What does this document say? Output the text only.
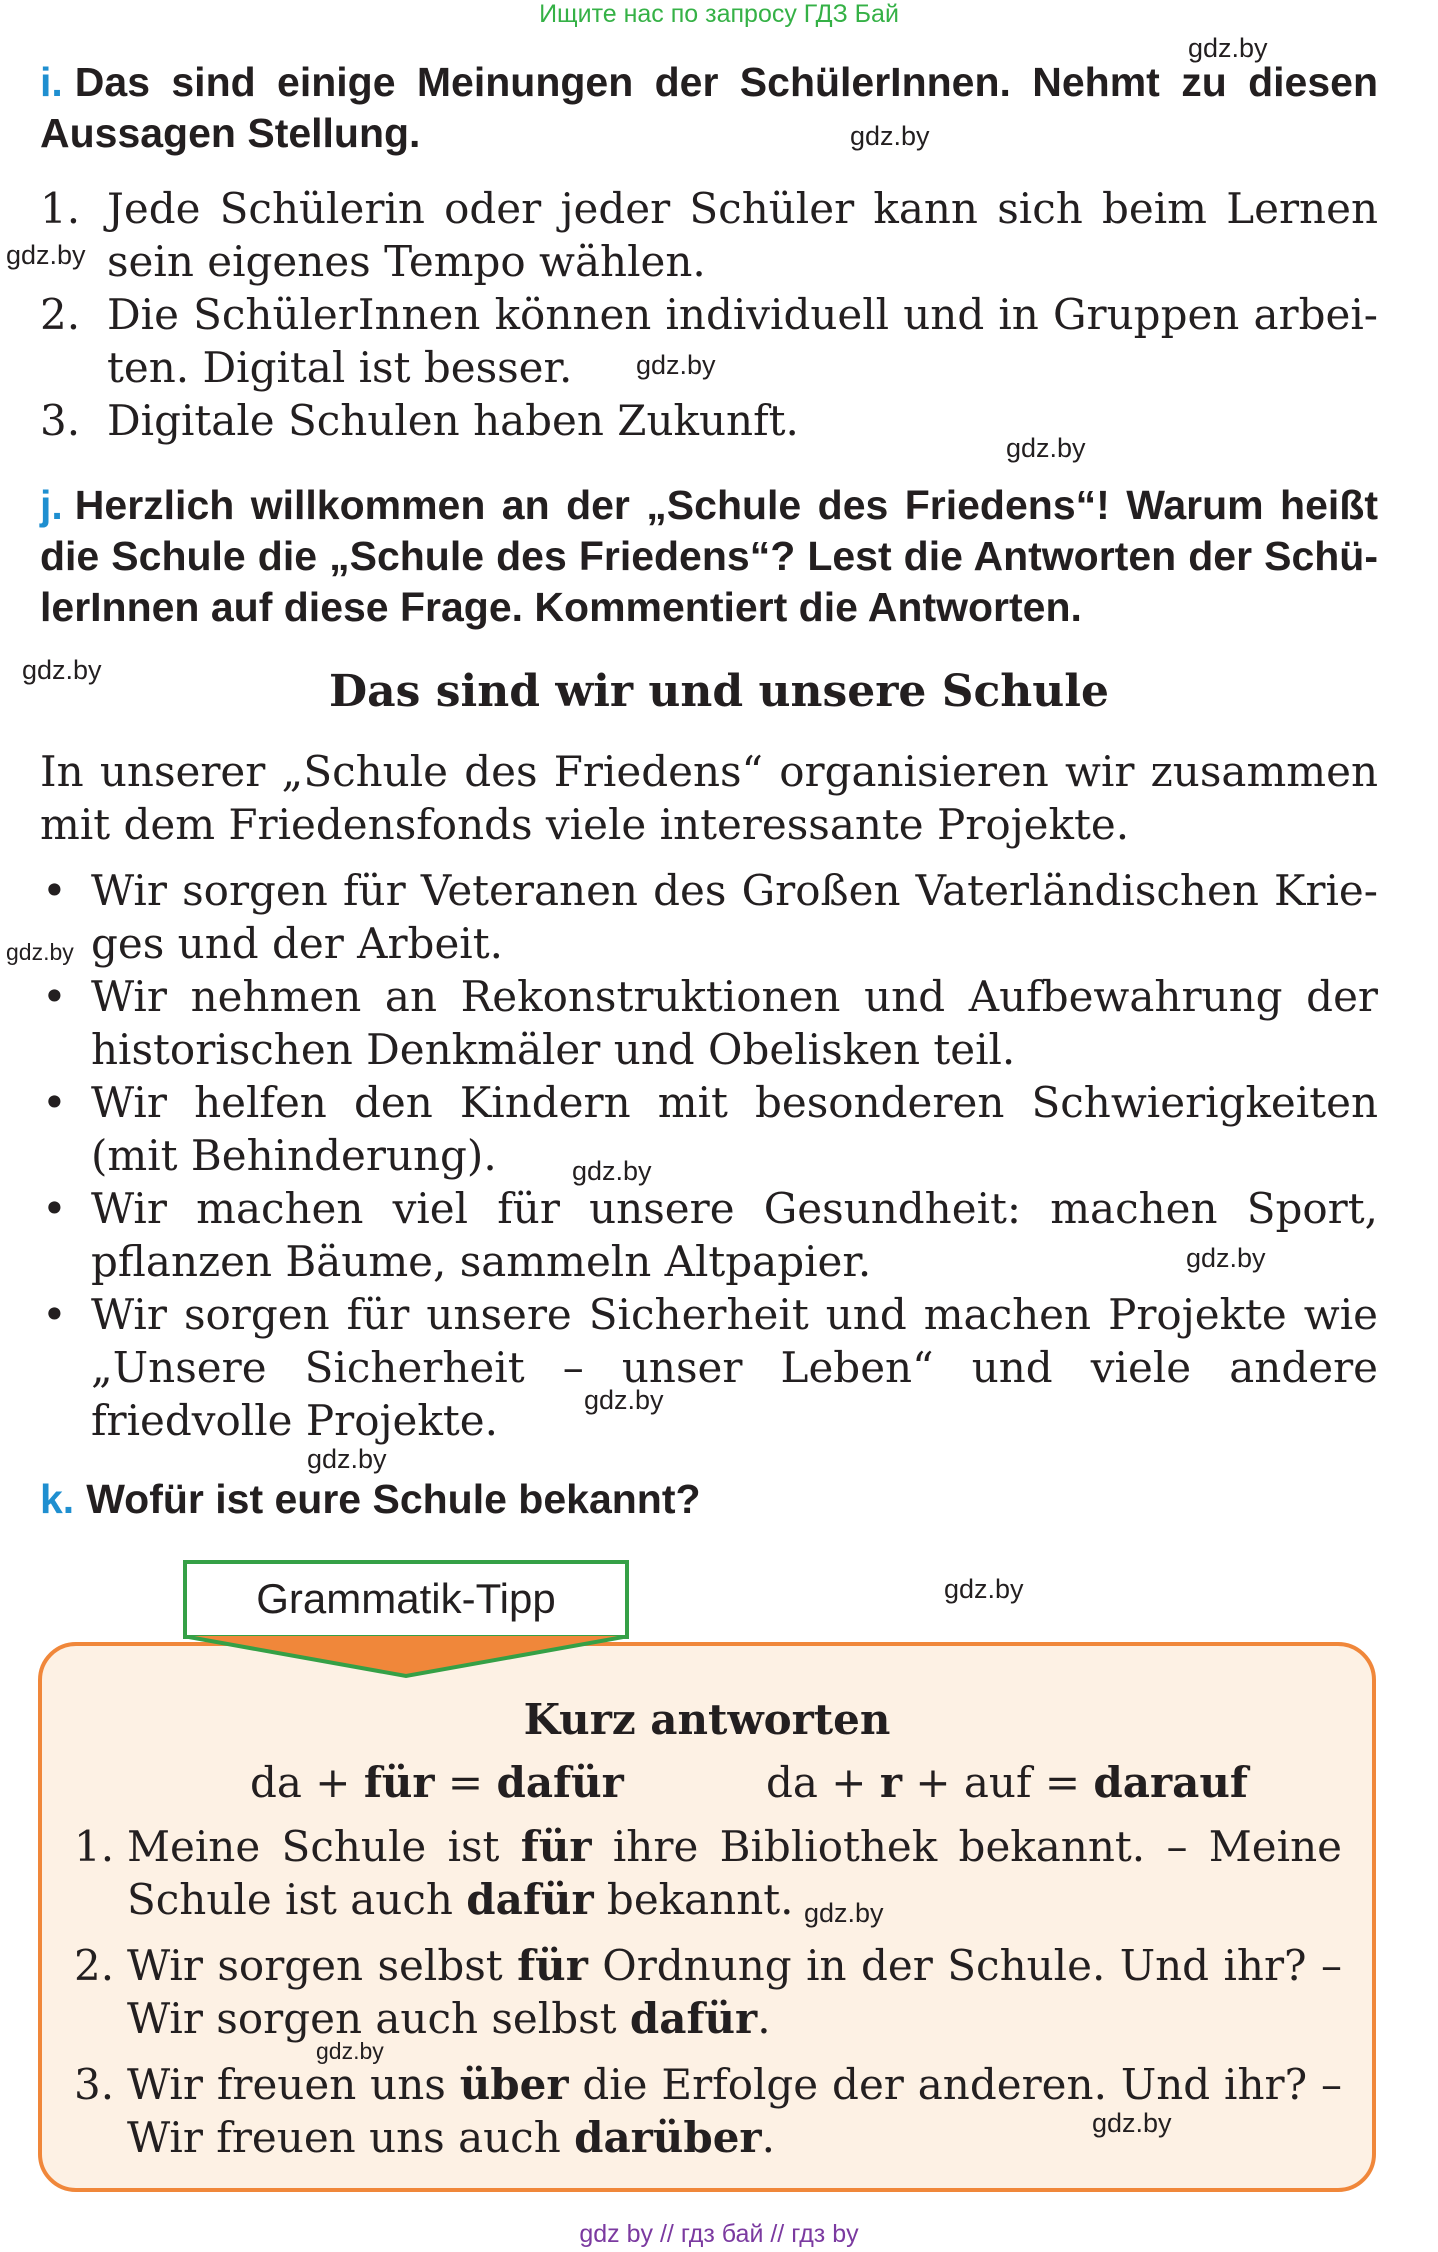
Ищите нас по запросу ГДЗ Бай
gdz.by
gdz.by
gdz.by
gdz.by
gdz.by
gdz.by
gdz.by
gdz.by
gdz.by
gdz.by
gdz.by
gdz.by
i. Das sind einige Meinungen der SchülerInnen. Nehmt zu diesen Aussagen Stellung.
1. Jede Schülerin oder jeder Schüler kann sich beim Lernen sein eigenes Tempo wählen.
2. Die SchülerInnen können individuell und in Gruppen arbeiten. Digital ist besser.
3. Digitale Schulen haben Zukunft.
j. Herzlich willkommen an der „Schule des Friedens“! Warum heißt die Schule die „Schule des Friedens“? Lest die Antworten der SchülerInnen auf diese Frage. Kommentiert die Antworten.
Das sind wir und unsere Schule
In unserer „Schule des Friedens“ organisieren wir zusammen mit dem Friedensfonds viele interessante Projekte.
• Wir sorgen für Veteranen des Großen Vaterländischen Krieges und der Arbeit.
• Wir nehmen an Rekonstruktionen und Aufbewahrung der historischen Denkmäler und Obelisken teil.
• Wir helfen den Kindern mit besonderen Schwierigkeiten (mit Behinderung).
• Wir machen viel für unsere Gesundheit: machen Sport, pflanzen Bäume, sammeln Altpapier.
• Wir sorgen für unsere Sicherheit und machen Projekte wie „Unsere Sicherheit – unser Leben“ und viele andere friedvolle Projekte.
k. Wofür ist eure Schule bekannt?
Grammatik-Tipp
Kurz antworten
da + für = dafür	da + r + auf = darauf
1. Meine Schule ist für ihre Bibliothek bekannt. – Meine Schule ist auch dafür bekannt.
2. Wir sorgen selbst für Ordnung in der Schule. Und ihr? – Wir sorgen auch selbst dafür.
3. Wir freuen uns über die Erfolge der anderen. Und ihr? – Wir freuen uns auch darüber.
gdz.by
gdz.by
gdz.by
gdz by // гдз бай // гдз by
